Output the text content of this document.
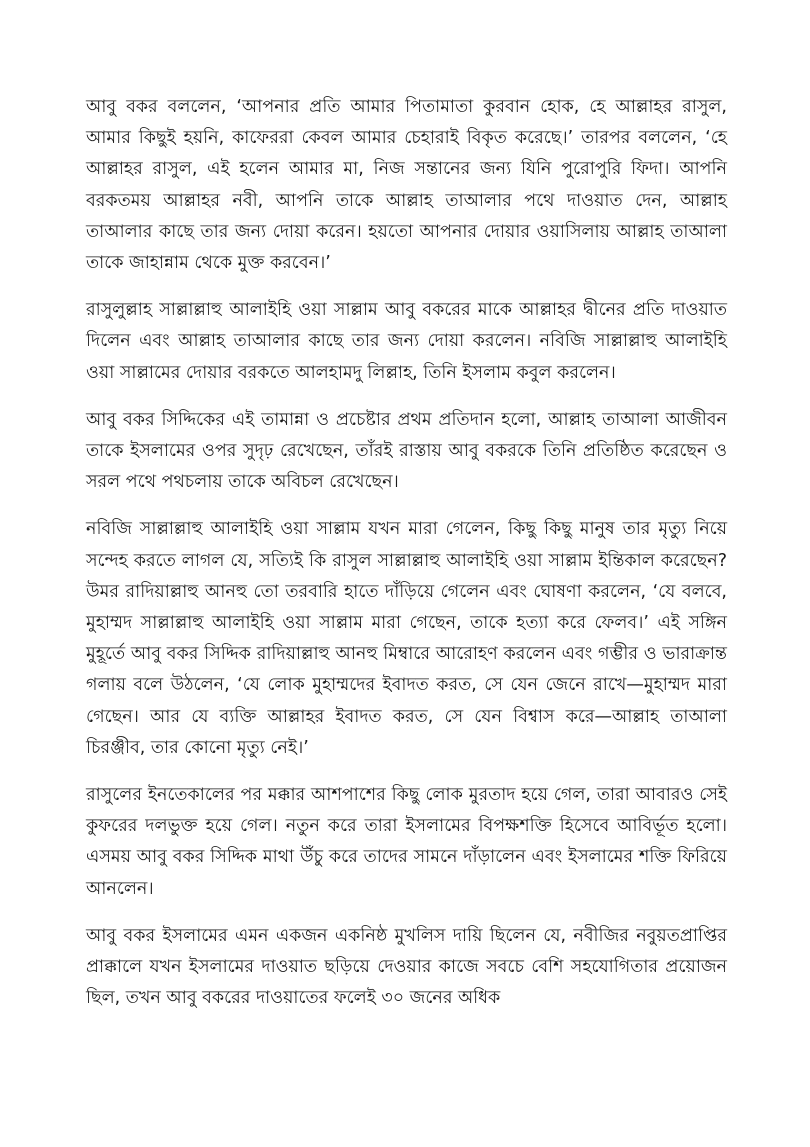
আবু বকর বললেন, ‘আপনার প্রতি আমার পিতামাতা কুরবান হোক, হে আল্লাহর রাসুল, আমার কিছুই হয়নি, কাফেররা কেবল আমার চেহারাই বিকৃত করেছে।’ তারপর বললেন, ‘হে আল্লাহর রাসুল, এই হলেন আমার মা, নিজ সন্তানের জন্য যিনি পুরোপুরি ফিদা। আপনি বরকতময় আল্লাহর নবী, আপনি তাকে আল্লাহ তাআলার পথে দাওয়াত দেন, আল্লাহ তাআলার কাছে তার জন্য দোয়া করেন। হয়তো আপনার দোয়ার ওয়াসিলায় আল্লাহ তাআলা তাকে জাহান্নাম থেকে মুক্ত করবেন।’

রাসুলুল্লাহ সাল্লাল্লাহু আলাইহি ওয়া সাল্লাম আবু বকরের মাকে আল্লাহর দ্বীনের প্রতি দাওয়াত দিলেন এবং আল্লাহ তাআলার কাছে তার জন্য দোয়া করলেন। নবিজি সাল্লাল্লাহু আলাইহি ওয়া সাল্লামের দোয়ার বরকতে আলহামদু লিল্লাহ, তিনি ইসলাম কবুল করলেন।

আবু বকর সিদ্দিকের এই তামান্না ও প্রচেষ্টার প্রথম প্রতিদান হলো, আল্লাহ তাআলা আজীবন তাকে ইসলামের ওপর সুদৃঢ় রেখেছেন, তাঁরই রাস্তায় আবু বকরকে তিনি প্রতিষ্ঠিত করেছেন ও সরল পথে পথচলায় তাকে অবিচল রেখেছেন।

নবিজি সাল্লাল্লাহু আলাইহি ওয়া সাল্লাম যখন মারা গেলেন, কিছু কিছু মানুষ তার মৃত্যু নিয়ে সন্দেহ করতে লাগল যে, সত্যিই কি রাসুল সাল্লাল্লাহু আলাইহি ওয়া সাল্লাম ইন্তিকাল করেছেন? উমর রাদিয়াল্লাহু আনহু তো তরবারি হাতে দাঁড়িয়ে গেলেন এবং ঘোষণা করলেন, ‘যে বলবে, মুহাম্মদ সাল্লাল্লাহু আলাইহি ওয়া সাল্লাম মারা গেছেন, তাকে হত্যা করে ফেলব।’ এই সঙ্গিন মুহূর্তে আবু বকর সিদ্দিক রাদিয়াল্লাহু আনহু মিম্বারে আরোহণ করলেন এবং গম্ভীর ও ভারাক্রান্ত গলায় বলে উঠলেন, ‘যে লোক মুহাম্মদের ইবাদত করত, সে যেন জেনে রাখে—মুহাম্মদ মারা গেছেন। আর যে ব্যক্তি আল্লাহর ইবাদত করত, সে যেন বিশ্বাস করে—আল্লাহ তাআলা চিরঞ্জীব, তার কোনো মৃত্যু নেই।’

রাসুলের ইনতেকালের পর মক্কার আশপাশের কিছু লোক মুরতাদ হয়ে গেল, তারা আবারও সেই কুফরের দলভুক্ত হয়ে গেল। নতুন করে তারা ইসলামের বিপক্ষশক্তি হিসেবে আবির্ভূত হলো। এসময় আবু বকর সিদ্দিক মাথা উঁচু করে তাদের সামনে দাঁড়ালেন এবং ইসলামের শক্তি ফিরিয়ে আনলেন।

আবু বকর ইসলামের এমন একজন একনিষ্ঠ মুখলিস দায়ি ছিলেন যে, নবীজির নবুয়তপ্রাপ্তির প্রাক্কালে যখন ইসলামের দাওয়াত ছড়িয়ে দেওয়ার কাজে সবচে বেশি সহযোগিতার প্রয়োজন ছিল, তখন আবু বকরের দাওয়াতের ফলেই ৩০ জনের অধিক
